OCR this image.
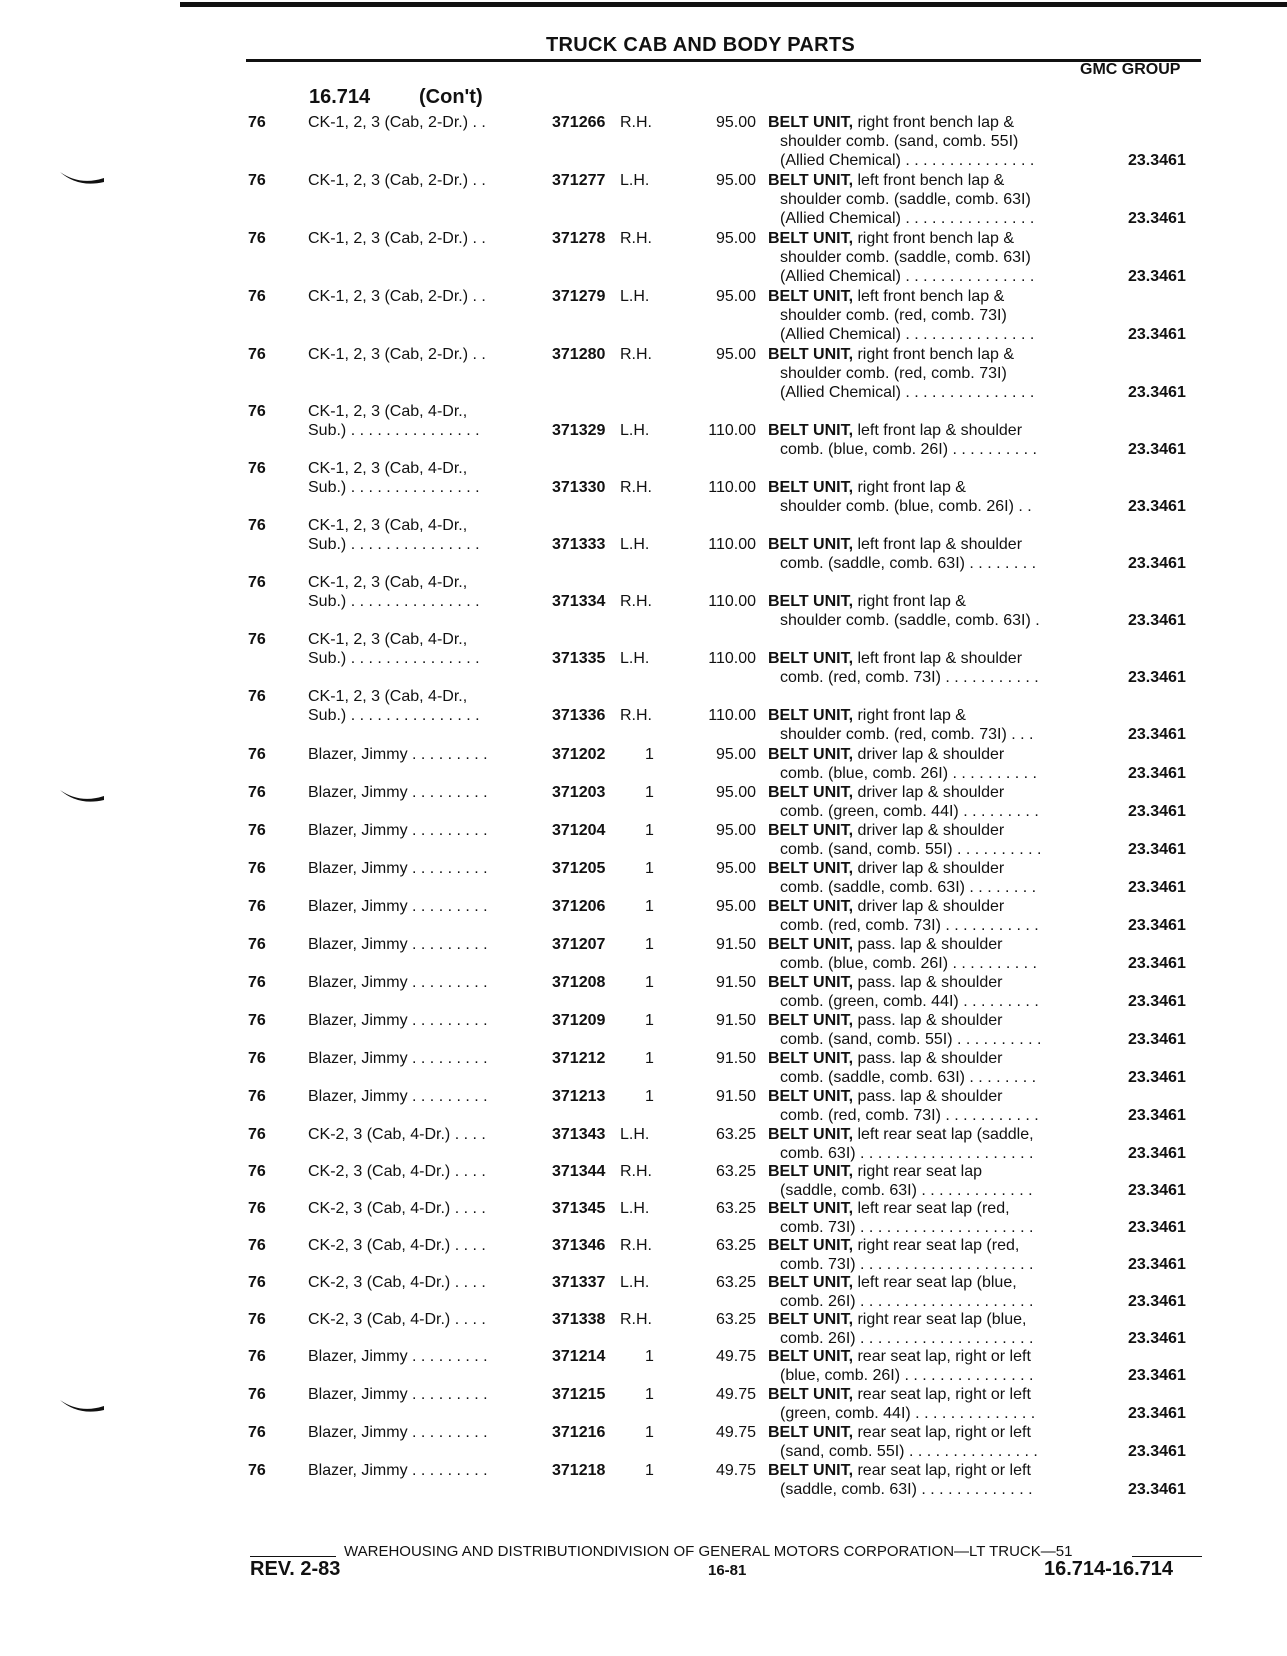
TRUCK CAB AND BODY PARTS
GMC GROUP
16.714 (Con't)
76	CK-1, 2, 3 (Cab, 2-Dr.) . .	371266 R.H.	95.00 BELT UNIT, right front bench lap &
shoulder comb. (sand, comb. 55I)
(Allied Chemical) . . . . . . . . . . . . . . .	23.3461
76	CK-1, 2, 3 (Cab, 2-Dr.) . .	371277 L.H.	95.00 BELT UNIT, left front bench lap &
shoulder comb. (saddle, comb. 63I)
(Allied Chemical) . . . . . . . . . . . . . . .	23.3461
76	CK-1, 2, 3 (Cab, 2-Dr.) . .	371278 R.H.	95.00 BELT UNIT, right front bench lap &
shoulder comb. (saddle, comb. 63I)
(Allied Chemical) . . . . . . . . . . . . . . .	23.3461
76	CK-1, 2, 3 (Cab, 2-Dr.) . .	371279 L.H.	95.00 BELT UNIT, left front bench lap &
shoulder comb. (red, comb. 73I)
(Allied Chemical) . . . . . . . . . . . . . . .	23.3461
76	CK-1, 2, 3 (Cab, 2-Dr.) . .	371280 R.H.	95.00 BELT UNIT, right front bench lap &
shoulder comb. (red, comb. 73I)
(Allied Chemical) . . . . . . . . . . . . . . .	23.3461
76	CK-1, 2, 3 (Cab, 4-Dr.,
Sub.) . . . . . . . . . . . . . . .	371329 L.H.	110.00 BELT UNIT, left front lap & shoulder
comb. (blue, comb. 26I) . . . . . . . . . .	23.3461
76	CK-1, 2, 3 (Cab, 4-Dr.,
Sub.) . . . . . . . . . . . . . . .	371330 R.H.	110.00 BELT UNIT, right front lap &
shoulder comb. (blue, comb. 26I) . .	23.3461
76	CK-1, 2, 3 (Cab, 4-Dr.,
Sub.) . . . . . . . . . . . . . . .	371333 L.H.	110.00 BELT UNIT, left front lap & shoulder
comb. (saddle, comb. 63I) . . . . . . . .	23.3461
76	CK-1, 2, 3 (Cab, 4-Dr.,
Sub.) . . . . . . . . . . . . . . .	371334 R.H.	110.00 BELT UNIT, right front lap &
shoulder comb. (saddle, comb. 63I) .	23.3461
76	CK-1, 2, 3 (Cab, 4-Dr.,
Sub.) . . . . . . . . . . . . . . .	371335 L.H.	110.00 BELT UNIT, left front lap & shoulder
comb. (red, comb. 73I) . . . . . . . . . . .	23.3461
76	CK-1, 2, 3 (Cab, 4-Dr.,
Sub.) . . . . . . . . . . . . . . .	371336 R.H.	110.00 BELT UNIT, right front lap &
shoulder comb. (red, comb. 73I) . . .	23.3461
76	Blazer, Jimmy . . . . . . . . .	371202 1	95.00 BELT UNIT, driver lap & shoulder
comb. (blue, comb. 26I) . . . . . . . . . .	23.3461
76	Blazer, Jimmy . . . . . . . . .	371203 1	95.00 BELT UNIT, driver lap & shoulder
comb. (green, comb. 44I) . . . . . . . . .	23.3461
76	Blazer, Jimmy . . . . . . . . .	371204 1	95.00 BELT UNIT, driver lap & shoulder
comb. (sand, comb. 55I) . . . . . . . . . .	23.3461
76	Blazer, Jimmy . . . . . . . . .	371205 1	95.00 BELT UNIT, driver lap & shoulder
comb. (saddle, comb. 63I) . . . . . . . .	23.3461
76	Blazer, Jimmy . . . . . . . . .	371206 1	95.00 BELT UNIT, driver lap & shoulder
comb. (red, comb. 73I) . . . . . . . . . . .	23.3461
76	Blazer, Jimmy . . . . . . . . .	371207 1	91.50 BELT UNIT, pass. lap & shoulder
comb. (blue, comb. 26I) . . . . . . . . . .	23.3461
76	Blazer, Jimmy . . . . . . . . .	371208 1	91.50 BELT UNIT, pass. lap & shoulder
comb. (green, comb. 44I) . . . . . . . . .	23.3461
76	Blazer, Jimmy . . . . . . . . .	371209 1	91.50 BELT UNIT, pass. lap & shoulder
comb. (sand, comb. 55I) . . . . . . . . . .	23.3461
76	Blazer, Jimmy . . . . . . . . .	371212 1	91.50 BELT UNIT, pass. lap & shoulder
comb. (saddle, comb. 63I) . . . . . . . .	23.3461
76	Blazer, Jimmy . . . . . . . . .	371213 1	91.50 BELT UNIT, pass. lap & shoulder
comb. (red, comb. 73I) . . . . . . . . . . .	23.3461
76	CK-2, 3 (Cab, 4-Dr.) . . . .	371343 L.H.	63.25 BELT UNIT, left rear seat lap (saddle,
comb. 63I) . . . . . . . . . . . . . . . . . . . .	23.3461
76	CK-2, 3 (Cab, 4-Dr.) . . . .	371344 R.H.	63.25 BELT UNIT, right rear seat lap
(saddle, comb. 63I) . . . . . . . . . . . . .	23.3461
76	CK-2, 3 (Cab, 4-Dr.) . . . .	371345 L.H.	63.25 BELT UNIT, left rear seat lap (red,
comb. 73I) . . . . . . . . . . . . . . . . . . . .	23.3461
76	CK-2, 3 (Cab, 4-Dr.) . . . .	371346 R.H.	63.25 BELT UNIT, right rear seat lap (red,
comb. 73I) . . . . . . . . . . . . . . . . . . . .	23.3461
76	CK-2, 3 (Cab, 4-Dr.) . . . .	371337 L.H.	63.25 BELT UNIT, left rear seat lap (blue,
comb. 26I) . . . . . . . . . . . . . . . . . . . .	23.3461
76	CK-2, 3 (Cab, 4-Dr.) . . . .	371338 R.H.	63.25 BELT UNIT, right rear seat lap (blue,
comb. 26I) . . . . . . . . . . . . . . . . . . . .	23.3461
76	Blazer, Jimmy . . . . . . . . .	371214 1	49.75 BELT UNIT, rear seat lap, right or left
(blue, comb. 26I) . . . . . . . . . . . . . . .	23.3461
76	Blazer, Jimmy . . . . . . . . .	371215 1	49.75 BELT UNIT, rear seat lap, right or left
(green, comb. 44I) . . . . . . . . . . . . . .	23.3461
76	Blazer, Jimmy . . . . . . . . .	371216 1	49.75 BELT UNIT, rear seat lap, right or left
(sand, comb. 55I) . . . . . . . . . . . . . . .	23.3461
76	Blazer, Jimmy . . . . . . . . .	371218 1	49.75 BELT UNIT, rear seat lap, right or left
(saddle, comb. 63I) . . . . . . . . . . . . .	23.3461
WAREHOUSING AND DISTRIBUTIONDIVISION OF GENERAL MOTORS CORPORATION—LT TRUCK—51
REV. 2-83	16-81	16.714-16.714
